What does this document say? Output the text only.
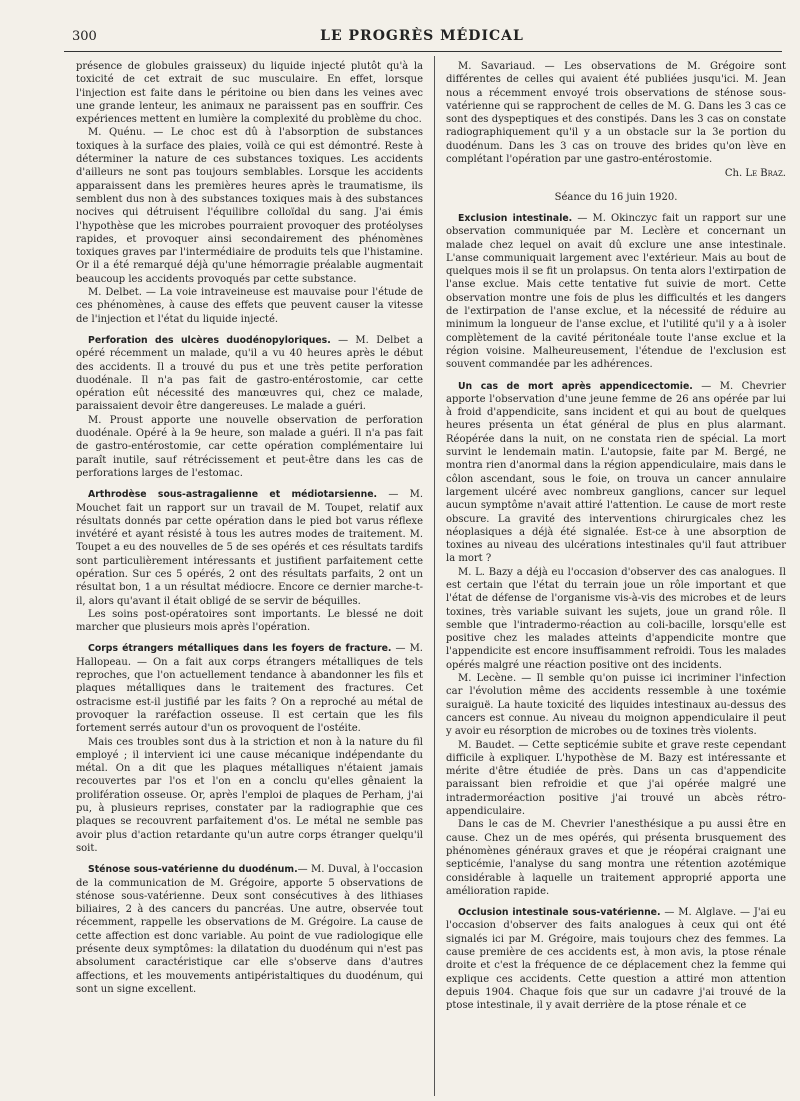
300	LE PROGRÈS MÉDICAL

présence de globules graisseux) du liquide injecté plutôt qu'à la toxicité de cet extrait de suc musculaire. En effet, lorsque l'injection est faite dans le péritoine ou bien dans les veines avec une grande lenteur, les animaux ne paraissent pas en souffrir. Ces expériences mettent en lumière la complexité du problème du choc.

M. Quénu. — Le choc est dû à l'absorption de substances toxiques à la surface des plaies, voilà ce qui est démontré. Reste à déterminer la nature de ces substances toxiques. Les accidents d'ailleurs ne sont pas toujours semblables. Lorsque les accidents apparaissent dans les premières heures après le traumatisme, ils semblent dus non à des substances toxiques mais à des substances nocives qui détruisent l'équilibre colloïdal du sang. J'ai émis l'hypothèse que les microbes pourraient provoquer des protéolyses rapides, et provoquer ainsi secondairement des phénomènes toxiques graves par l'intermédiaire de produits tels que l'histamine. Or il a été remarqué déjà qu'une hémorragie préalable augmentait beaucoup les accidents provoqués par cette substance.

M. Delbet. — La voie intraveineuse est mauvaise pour l'étude de ces phénomènes, à cause des effets que peuvent causer la vitesse de l'injection et l'état du liquide injecté.

Perforation des ulcères duodénopyloriques. — M. Delbet a opéré récemment un malade, qu'il a vu 40 heures après le début des accidents. Il a trouvé du pus et une très petite perforation duodénale. Il n'a pas fait de gastro-entérostomie, car cette opération eût nécessité des manœuvres qui, chez ce malade, paraissaient devoir être dangereuses. Le malade a guéri.

M. Proust apporte une nouvelle observation de perforation duodénale. Opéré à la 9e heure, son malade a guéri. Il n'a pas fait de gastro-entérostomie, car cette opération complémentaire lui paraît inutile, sauf rétrécissement et peut-être dans les cas de perforations larges de l'estomac.

Arthrodèse sous-astragalienne et médiotarsienne. — M. Mouchet fait un rapport sur un travail de M. Toupet, relatif aux résultats donnés par cette opération dans le pied bot varus réflexe invétéré et ayant résisté à tous les autres modes de traitement. M. Toupet a eu des nouvelles de 5 de ses opérés et ces résultats tardifs sont particulièrement intéressants et justifient parfaitement cette opération. Sur ces 5 opérés, 2 ont des résultats parfaits, 2 ont un résultat bon, 1 a un résultat médiocre. Encore ce dernier marche-t-il, alors qu'avant il était obligé de se servir de béquilles.

Les soins post-opératoires sont importants. Le blessé ne doit marcher que plusieurs mois après l'opération.

Corps étrangers métalliques dans les foyers de fracture. — M. Hallopeau. — On a fait aux corps étrangers métalliques de tels reproches, que l'on actuellement tendance à abandonner les fils et plaques métalliques dans le traitement des fractures. Cet ostracisme est-il justifié par les faits ? On a reproché au métal de provoquer la raréfaction osseuse. Il est certain que les fils fortement serrés autour d'un os provoquent de l'ostéite.

Mais ces troubles sont dus à la striction et non à la nature du fil employé ; il intervient ici une cause mécanique indépendante du métal. On a dit que les plaques métalliques n'étaient jamais recouvertes par l'os et l'on en a conclu qu'elles gênaient la prolifération osseuse. Or, après l'emploi de plaques de Perham, j'ai pu, à plusieurs reprises, constater par la radiographie que ces plaques se recouvrent parfaitement d'os. Le métal ne semble pas avoir plus d'action retardante qu'un autre corps étranger quelqu'il soit.

Sténose sous-vatérienne du duodénum.— M. Duval, à l'occasion de la communication de M. Grégoire, apporte 5 observations de sténose sous-vatérienne. Deux sont consécutives à des lithiases biliaires, 2 à des cancers du pancréas. Une autre, observée tout récemment, rappelle les observations de M. Grégoire. La cause de cette affection est donc variable. Au point de vue radiologique elle présente deux symptômes: la dilatation du duodénum qui n'est pas absolument caractéristique car elle s'observe dans d'autres affections, et les mouvements antipéristaltiques du duodénum, qui sont un signe excellent.

M. Savariaud. — Les observations de M. Grégoire sont différentes de celles qui avaient été publiées jusqu'ici. M. Jean nous a récemment envoyé trois observations de sténose sous-vatérienne qui se rapprochent de celles de M. G. Dans les 3 cas ce sont des dyspeptiques et des constipés. Dans les 3 cas on constate radiographiquement qu'il y a un obstacle sur la 3e portion du duodénum. Dans les 3 cas on trouve des brides qu'on lève en complétant l'opération par une gastro-entérostomie.

Ch. Le Braz.
Séance du 16 juin 1920.

Exclusion intestinale. — M. Okinczyc fait un rapport sur une observation communiquée par M. Leclère et concernant un malade chez lequel on avait dû exclure une anse intestinale. L'anse communiquait largement avec l'extérieur. Mais au bout de quelques mois il se fit un prolapsus. On tenta alors l'extirpation de l'anse exclue. Mais cette tentative fut suivie de mort. Cette observation montre une fois de plus les difficultés et les dangers de l'extirpation de l'anse exclue, et la nécessité de réduire au minimum la longueur de l'anse exclue, et l'utilité qu'il y a à isoler complètement de la cavité péritonéale toute l'anse exclue et la région voisine. Malheureusement, l'étendue de l'exclusion est souvent commandée par les adhérences.

Un cas de mort après appendicectomie. — M. Chevrier apporte l'observation d'une jeune femme de 26 ans opérée par lui à froid d'appendicite, sans incident et qui au bout de quelques heures présenta un état général de plus en plus alarmant. Réopérée dans la nuit, on ne constata rien de spécial. La mort survint le lendemain matin. L'autopsie, faite par M. Bergé, ne montra rien d'anormal dans la région appendiculaire, mais dans le côlon ascendant, sous le foie, on trouva un cancer annulaire largement ulcéré avec nombreux ganglions, cancer sur lequel aucun symptôme n'avait attiré l'attention. Le cause de mort reste obscure. La gravité des interventions chirurgicales chez les néoplasiques a déjà été signalée. Est-ce à une absorption de toxines au niveau des ulcérations intestinales qu'il faut attribuer la mort ?

M. L. Bazy a déjà eu l'occasion d'observer des cas analogues. Il est certain que l'état du terrain joue un rôle important et que l'état de défense de l'organisme vis-à-vis des microbes et de leurs toxines, très variable suivant les sujets, joue un grand rôle. Il semble que l'intradermo-réaction au coli-bacille, lorsqu'elle est positive chez les malades atteints d'appendicite montre que l'appendicite est encore insuffisamment refroidi. Tous les malades opérés malgré une réaction positive ont des incidents.

M. Lecène. — Il semble qu'on puisse ici incriminer l'infection car l'évolution même des accidents ressemble à une toxémie suraiguë. La haute toxicité des liquides intestinaux au-dessus des cancers est connue. Au niveau du moignon appendiculaire il peut y avoir eu résorption de microbes ou de toxines très violents.

M. Baudet. — Cette septicémie subite et grave reste cependant difficile à expliquer. L'hypothèse de M. Bazy est intéressante et mérite d'être étudiée de près. Dans un cas d'appendicite paraissant bien refroidie et que j'ai opérée malgré une intradermoréaction positive j'ai trouvé un abcès rétro-appendiculaire.

Dans le cas de M. Chevrier l'anesthésique a pu aussi être en cause. Chez un de mes opérés, qui présenta brusquement des phénomènes généraux graves et que je réopérai craignant une septicémie, l'analyse du sang montra une rétention azotémique considérable à laquelle un traitement approprié apporta une amélioration rapide.

Occlusion intestinale sous-vatérienne. — M. Alglave. — J'ai eu l'occasion d'observer des faits analogues à ceux qui ont été signalés ici par M. Grégoire, mais toujours chez des femmes. La cause première de ces accidents est, à mon avis, la ptose rénale droite et c'est la fréquence de ce déplacement chez la femme qui explique ces accidents. Cette question a attiré mon attention depuis 1904. Chaque fois que sur un cadavre j'ai trouvé de la ptose intestinale, il y avait derrière de la ptose rénale et ce
